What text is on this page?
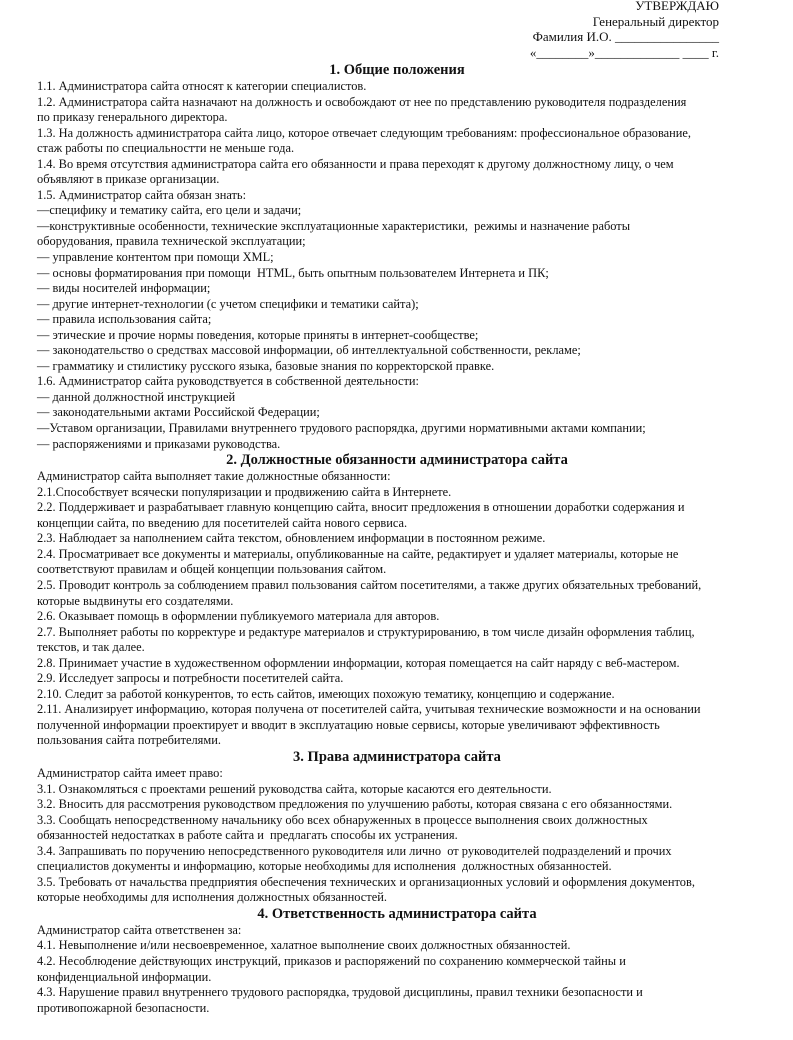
УТВЕРЖДАЮ
Генеральный директор
Фамилия И.О. ________________
«________»_____________ ____ г.
1. Общие положения
1.1. Администратора сайта относят к категории специалистов.
1.2. Администратора сайта назначают на должность и освобождают от нее по представлению руководителя подразделения
по приказу генерального директора.
1.3. На должность администратора сайта лицо, которое отвечает следующим требованиям: профессиональное образование,
стаж работы по специальностти не меньше года.
1.4. Во время отсутствия администратора сайта его обязанности и права переходят к другому должностному лицу, о чем
объявляют в приказе организации.
1.5. Администратор сайта обязан знать:
—специфику и тематику сайта, его цели и задачи;
—конструктивные особенности, технические эксплуатационные характеристики,  режимы и назначение работы
оборудования, правила технической эксплуатации;
— управление контентом при помощи XML;
— основы форматирования при помощи  HTML, быть опытным пользователем Интернета и ПК;
— виды носителей информации;
— другие интернет-технологии (с учетом специфики и тематики сайта);
— правила использования сайта;
— этические и прочие нормы поведения, которые приняты в интернет-сообществе;
— законодательство о средствах массовой информации, об интеллектуальной собственности, рекламе;
— грамматику и стилистику русского языка, базовые знания по корректорской правке.
1.6. Администратор сайта руководствуется в собственной деятельности:
— данной должностной инструкцией
— законодательными актами Российской Федерации;
—Уставом организации, Правилами внутреннего трудового распорядка, другими нормативными актами компании;
— распоряжениями и приказами руководства.
2. Должностные обязанности администратора сайта
Администратор сайта выполняет такие должностные обязанности:
2.1.Способствует всячески популяризации и продвижению сайта в Интернете.
2.2. Поддерживает и разрабатывает главную концепцию сайта, вносит предложения в отношении доработки содержания и
концепции сайта, по введению для посетителей сайта нового сервиса.
2.3. Наблюдает за наполнением сайта текстом, обновлением информации в постоянном режиме.
2.4. Просматривает все документы и материалы, опубликованные на сайте, редактирует и удаляет материалы, которые не
соответствуют правилам и общей концепции пользования сайтом.
2.5. Проводит контроль за соблюдением правил пользования сайтом посетителями, а также других обязательных требований,
которые выдвинуты его создателями.
2.6. Оказывает помощь в оформлении публикуемого материала для авторов.
2.7. Выполняет работы по корректуре и редактуре материалов и структурированию, в том числе дизайн оформления таблиц,
текстов, и так далее.
2.8. Принимает участие в художественном оформлении информации, которая помещается на сайт наряду с веб-мастером.
2.9. Исследует запросы и потребности посетителей сайта.
2.10. Следит за работой конкурентов, то есть сайтов, имеющих похожую тематику, концепцию и содержание.
2.11. Анализирует информацию, которая получена от посетителей сайта, учитывая технические возможности и на основании
полученной информации проектирует и вводит в эксплуатацию новые сервисы, которые увеличивают эффективность
пользования сайта потребителями.
3. Права администратора сайта
Администратор сайта имеет право:
3.1. Ознакомляться с проектами решений руководства сайта, которые касаются его деятельности.
3.2. Вносить для рассмотрения руководством предложения по улучшению работы, которая связана с его обязанностями.
3.3. Сообщать непосредственному начальнику обо всех обнаруженных в процессе выполнения своих должностных
обязанностей недостатках в работе сайта и  предлагать способы их устранения.
3.4. Запрашивать по поручению непосредственного руководителя или лично  от руководителей подразделений и прочих
специалистов документы и информацию, которые необходимы для исполнения  должностных обязанностей.
3.5. Требовать от начальства предприятия обеспечения технических и организационных условий и оформления документов,
которые необходимы для исполнения должностных обязанностей.
4. Ответственность администратора сайта
Администратор сайта ответственен за:
4.1. Невыполнение и/или несвоевременное, халатное выполнение своих должностных обязанностей.
4.2. Несоблюдение действующих инструкций, приказов и распоряжений по сохранению коммерческой тайны и
конфиденциальной информации.
4.3. Нарушение правил внутреннего трудового распорядка, трудовой дисциплины, правил техники безопасности и
противопожарной безопасности.
